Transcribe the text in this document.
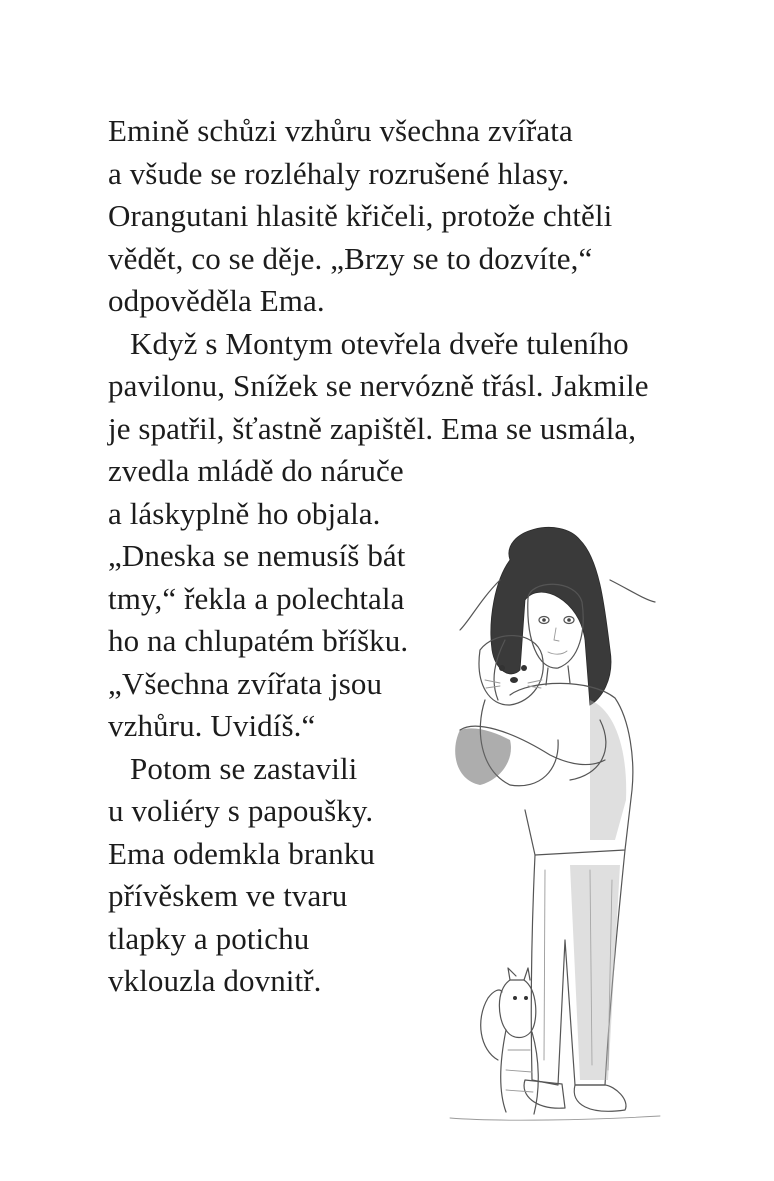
Emině schůzi vzhůru všechna zvířata
a všude se rozléhaly rozrušené hlasy.
Orangutani hlasitě křičeli, protože chtěli
vědět, co se děje. „Brzy se to dozvíte,“
odpověděla Ema.
Když s Montym otevřela dveře tuleního
pavilonu, Snížek se nervózně třásl. Jakmile
je spatřil, šťastně zapištěl. Ema se usmála,
zvedla mládě do náruče
a láskyplně ho objala.
„Dneska se nemusíš bát
tmy,“ řekla a polechtala
ho na chlupatém bříšku.
„Všechna zvířata jsou
vzhůru. Uvidíš.“
Potom se zastavili
u voliéry s papoušky.
Ema odemkla branku
přívěskem ve tvaru
tlapky a potichu
vklouzla dovnitř.
